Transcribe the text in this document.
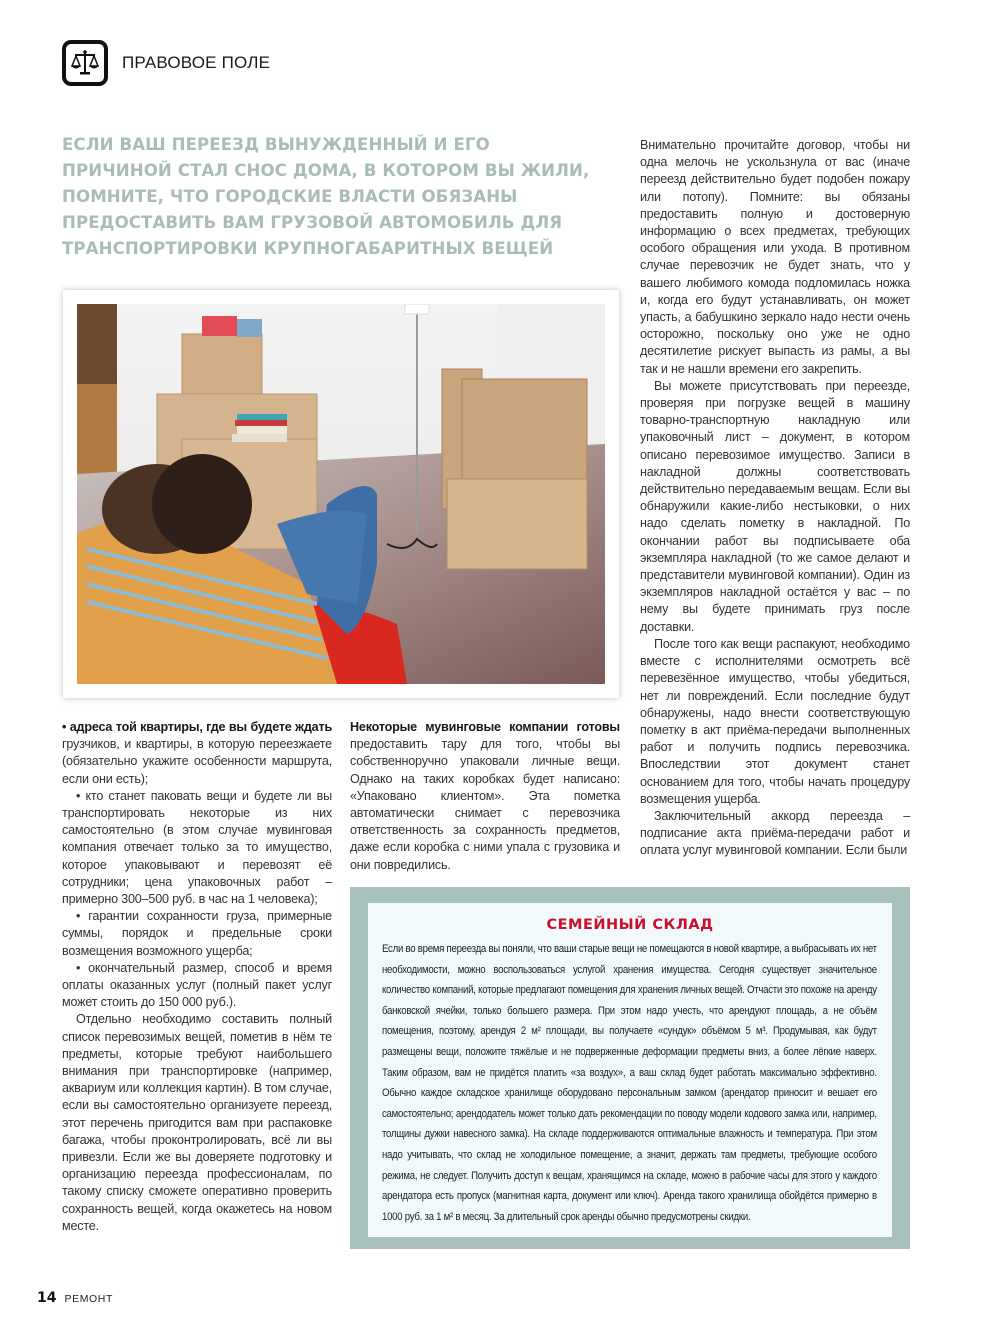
ПРАВОВОЕ ПОЛЕ
ЕСЛИ ВАШ ПЕРЕЕЗД ВЫНУЖДЕННЫЙ И ЕГО ПРИЧИНОЙ СТАЛ СНОС ДОМА, В КОТОРОМ ВЫ ЖИЛИ, ПОМНИТЕ, ЧТО ГОРОДСКИЕ ВЛАСТИ ОБЯЗАНЫ ПРЕДОСТАВИТЬ ВАМ ГРУЗОВОЙ АВТОМОБИЛЬ ДЛЯ ТРАНСПОРТИРОВКИ КРУПНОГАБАРИТНЫХ ВЕЩЕЙ

• адреса той квартиры, где вы будете ждать грузчиков, и квартиры, в которую переезжаете (обязательно укажите особенности маршрута, если они есть);

• кто станет паковать вещи и будете ли вы транспортировать некоторые из них самостоятельно (в этом случае мувинговая компания отвечает только за то имущество, которое упаковывают и перевозят её сотрудники; цена упаковочных работ – примерно 300–500 руб. в час на 1 человека);

• гарантии сохранности груза, примерные суммы, порядок и предельные сроки возмещения возможного ущерба;

• окончательный размер, способ и время оплаты оказанных услуг (полный пакет услуг может стоить до 150 000 руб.).

Отдельно необходимо составить полный список перевозимых вещей, пометив в нём те предметы, которые требуют наибольшего внимания при транспортировке (например, аквариум или коллекция картин). В том случае, если вы самостоятельно организуете переезд, этот перечень пригодится вам при распаковке багажа, чтобы проконтролировать, всё ли вы привезли. Если же вы доверяете подготовку и организацию переезда профессионалам, по такому списку сможете оперативно проверить сохранность вещей, когда окажетесь на новом месте.

Некоторые мувинговые компании готовы предоставить тару для того, чтобы вы собственноручно упаковали личные вещи. Однако на таких коробках будет написано: «Упаковано клиентом». Эта пометка автоматически снимает с перевозчика ответственность за сохранность предметов, даже если коробка с ними упала с грузовика и они повредились.

Внимательно прочитайте договор, чтобы ни одна мелочь не ускользнула от вас (иначе переезд действительно будет подобен пожару или потопу). Помните: вы обязаны предоставить полную и достоверную информацию о всех предметах, требующих особого обращения или ухода. В противном случае перевозчик не будет знать, что у вашего любимого комода подломилась ножка и, когда его будут устанавливать, он может упасть, а бабушкино зеркало надо нести очень осторожно, поскольку оно уже не одно десятилетие рискует выпасть из рамы, а вы так и не нашли времени его закрепить.

Вы можете присутствовать при переезде, проверяя при погрузке вещей в машину товарно-транспортную накладную или упаковочный лист – документ, в котором описано перевозимое имущество. Записи в накладной должны соответствовать действительно передаваемым вещам. Если вы обнаружили какие-либо нестыковки, о них надо сделать пометку в накладной. По окончании работ вы подписываете оба экземпляра накладной (то же самое делают и представители мувинговой компании). Один из экземпляров накладной остаётся у вас – по нему вы будете принимать груз после доставки.

После того как вещи распакуют, необходимо вместе с исполнителями осмотреть всё перевезённое имущество, чтобы убедиться, нет ли повреждений. Если последние будут обнаружены, надо внести соответствующую пометку в акт приёма-передачи выполненных работ и получить подпись перевозчика. Впоследствии этот документ станет основанием для того, чтобы начать процедуру возмещения ущерба.

Заключительный аккорд переезда – подписание акта приёма-передачи работ и оплата услуг мувинговой компании. Если были

СЕМЕЙНЫЙ СКЛАД
Если во время переезда вы поняли, что ваши старые вещи не помещаются в новой квартире, а выбрасывать их нет необходимости, можно воспользоваться услугой хранения имущества. Сегодня существует значительное количество компаний, которые предлагают помещения для хранения личных вещей. Отчасти это похоже на аренду банковской ячейки, только большего размера. При этом надо учесть, что арендуют площадь, а не объём помещения, поэтому, арендуя 2 м² площади, вы получаете «сундук» объёмом 5 м³. Продумывая, как будут размещены вещи, положите тяжёлые и не подверженные деформации предметы вниз, а более лёгкие наверх. Таким образом, вам не придётся платить «за воздух», а ваш склад будет работать максимально эффективно. Обычно каждое складское хранилище оборудовано персональным замком (арендатор приносит и вешает его самостоятельно; арендодатель может только дать рекомендации по поводу модели кодового замка или, например, толщины дужки навесного замка). На складе поддерживаются оптимальные влажность и температура. При этом надо учитывать, что склад не холодильное помещение, а значит, держать там предметы, требующие особого режима, не следует. Получить доступ к вещам, хранящимся на складе, можно в рабочие часы для этого у каждого арендатора есть пропуск (магнитная карта, документ или ключ). Аренда такого хранилища обойдётся примерно в 1000 руб. за 1 м² в месяц. За длительный срок аренды обычно предусмотрены скидки.
14 РЕМОНТ
